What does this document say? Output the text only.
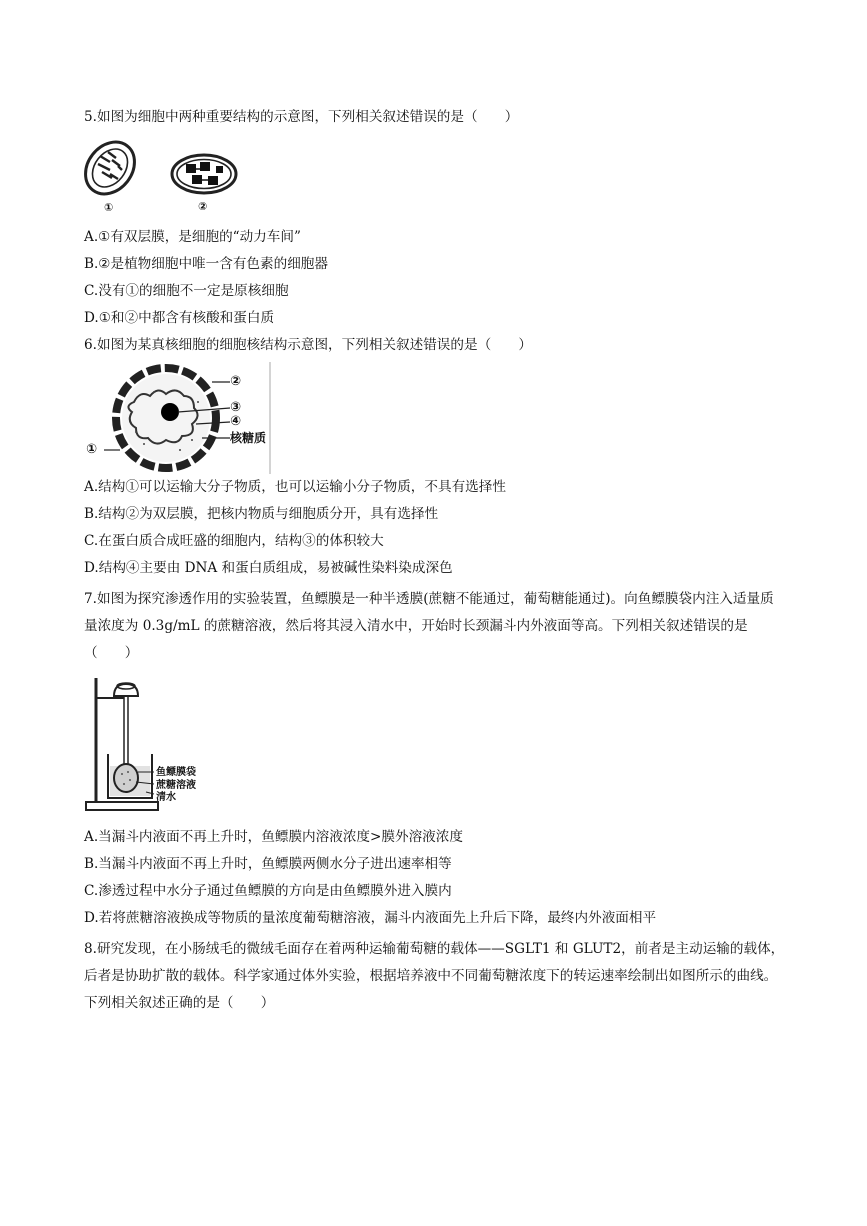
5.如图为细胞中两种重要结构的示意图，下列相关叙述错误的是（　　）
①	②
A.①有双层膜，是细胞的“动力车间”
B.②是植物细胞中唯一含有色素的细胞器
C.没有①的细胞不一定是原核细胞
D.①和②中都含有核酸和蛋白质
6.如图为某真核细胞的细胞核结构示意图，下列相关叙述错误的是（　　）
②
③
④
核糖质
①
A.结构①可以运输大分子物质，也可以运输小分子物质，不具有选择性
B.结构②为双层膜，把核内物质与细胞质分开，具有选择性
C.在蛋白质合成旺盛的细胞内，结构③的体积较大
D.结构④主要由 DNA 和蛋白质组成，易被碱性染料染成深色
7.如图为探究渗透作用的实验装置，鱼鳔膜是一种半透膜(蔗糖不能通过，葡萄糖能通过)。向鱼鳔膜袋内注入适量质量浓度为 0.3g/mL 的蔗糖溶液，然后将其浸入清水中，开始时长颈漏斗内外液面等高。下列相关叙述错误的是（　　）
鱼鳔膜袋
蔗糖溶液
清水
A.当漏斗内液面不再上升时，鱼鳔膜内溶液浓度>膜外溶液浓度
B.当漏斗内液面不再上升时，鱼鳔膜两侧水分子进出速率相等
C.渗透过程中水分子通过鱼鳔膜的方向是由鱼鳔膜外进入膜内
D.若将蔗糖溶液换成等物质的量浓度葡萄糖溶液，漏斗内液面先上升后下降，最终内外液面相平
8.研究发现，在小肠绒毛的微绒毛面存在着两种运输葡萄糖的载体——SGLT1 和 GLUT2，前者是主动运输的载体，后者是协助扩散的载体。科学家通过体外实验，根据培养液中不同葡萄糖浓度下的转运速率绘制出如图所示的曲线。下列相关叙述正确的是（　　）
